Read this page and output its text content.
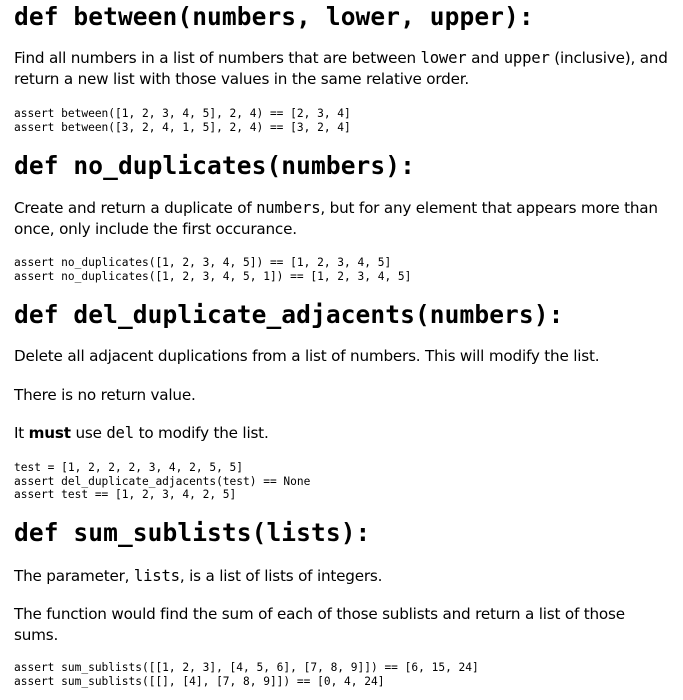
def between(numbers, lower, upper):

Find all numbers in a list of numbers that are between lower and upper (inclusive), and return a new list with those values in the same relative order.

assert between([1, 2, 3, 4, 5], 2, 4) == [2, 3, 4]
assert between([3, 2, 4, 1, 5], 2, 4) == [3, 2, 4]
def no_duplicates(numbers):

Create and return a duplicate of numbers, but for any element that appears more than once, only include the first occurance.

assert no_duplicates([1, 2, 3, 4, 5]) == [1, 2, 3, 4, 5]
assert no_duplicates([1, 2, 3, 4, 5, 1]) == [1, 2, 3, 4, 5]
def del_duplicate_adjacents(numbers):

Delete all adjacent duplications from a list of numbers. This will modify the list.

There is no return value.

It must use del to modify the list.

test = [1, 2, 2, 2, 3, 4, 2, 5, 5]
assert del_duplicate_adjacents(test) == None
assert test == [1, 2, 3, 4, 2, 5]
def sum_sublists(lists):

The parameter, lists, is a list of lists of integers.

The function would find the sum of each of those sublists and return a list of those sums.

assert sum_sublists([[1, 2, 3], [4, 5, 6], [7, 8, 9]]) == [6, 15, 24]
assert sum_sublists([[], [4], [7, 8, 9]]) == [0, 4, 24]
